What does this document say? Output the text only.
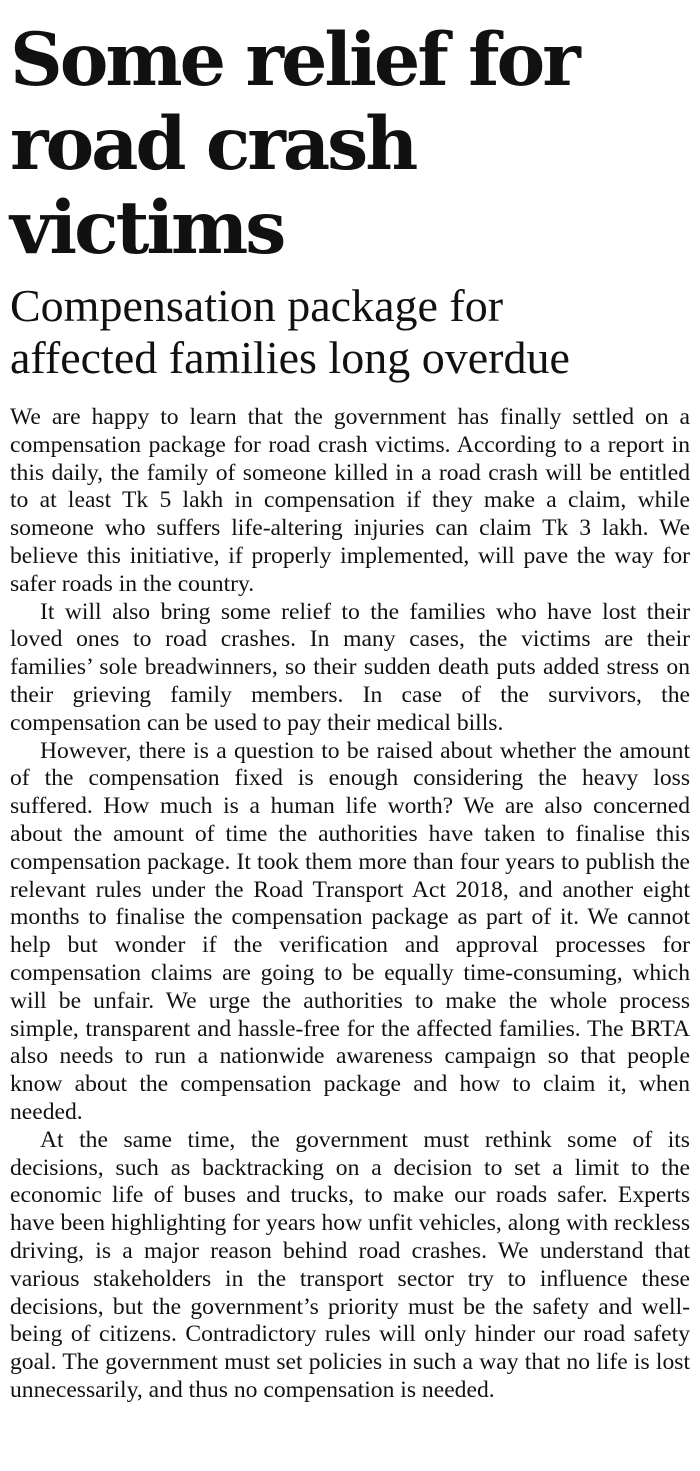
Some relief for
road crash victims
Compensation package for
affected families long overdue

We are happy to learn that the government has finally settled on a compensation package for road crash victims. According to a report in this daily, the family of someone killed in a road crash will be entitled to at least Tk 5 lakh in compensation if they make a claim, while someone who suffers life-altering injuries can claim Tk 3 lakh. We believe this initiative, if properly implemented, will pave the way for safer roads in the country.

It will also bring some relief to the families who have lost their loved ones to road crashes. In many cases, the victims are their families’ sole breadwinners, so their sudden death puts added stress on their grieving family members. In case of the survivors, the compensation can be used to pay their medical bills.

However, there is a question to be raised about whether the amount of the compensation fixed is enough considering the heavy loss suffered. How much is a human life worth? We are also concerned about the amount of time the authorities have taken to finalise this compensation package. It took them more than four years to publish the relevant rules under the Road Transport Act 2018, and another eight months to finalise the compensation package as part of it. We cannot help but wonder if the verification and approval processes for compensation claims are going to be equally time-consuming, which will be unfair. We urge the authorities to make the whole process simple, transparent and hassle-free for the affected families. The BRTA also needs to run a nationwide awareness campaign so that people know about the compensation package and how to claim it, when needed.

At the same time, the government must rethink some of its decisions, such as backtracking on a decision to set a limit to the economic life of buses and trucks, to make our roads safer. Experts have been highlighting for years how unfit vehicles, along with reckless driving, is a major reason behind road crashes. We understand that various stakeholders in the transport sector try to influence these decisions, but the government’s priority must be the safety and well-being of citizens. Contradictory rules will only hinder our road safety goal. The government must set policies in such a way that no life is lost unnecessarily, and thus no compensation is needed.
